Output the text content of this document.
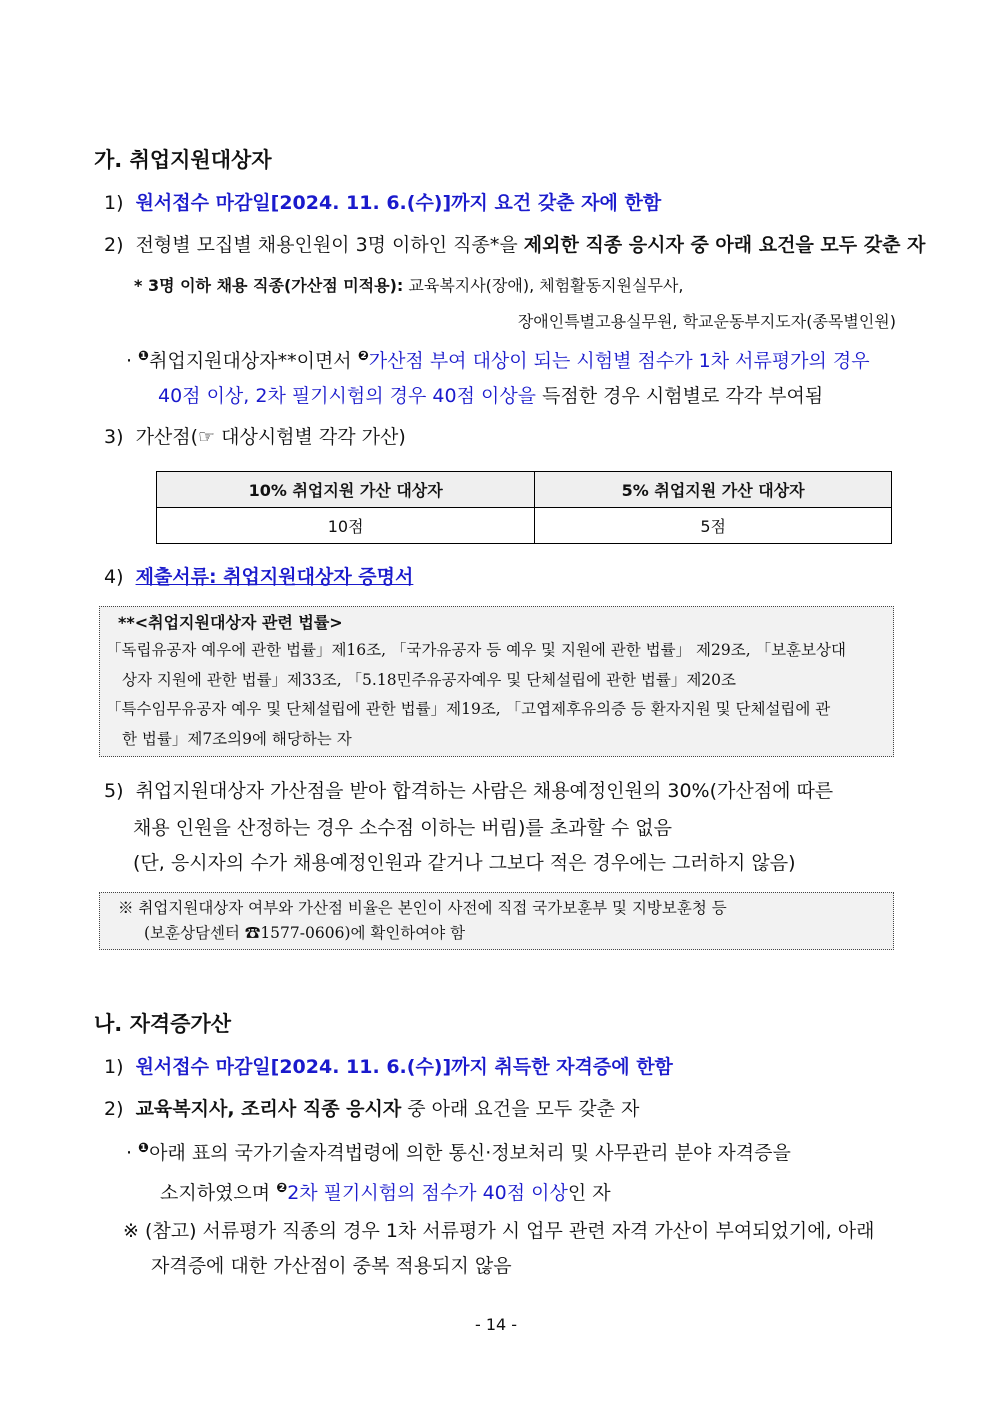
가. 취업지원대상자
1) 원서접수 마감일[2024. 11. 6.(수)]까지 요건 갖춘 자에 한함
2) 전형별 모집별 채용인원이 3명 이하인 직종*을 제외한 직종 응시자 중 아래 요건을 모두 갖춘 자
* 3명 이하 채용 직종(가산점 미적용): 교육복지사(장애), 체험활동지원실무사,
장애인특별고용실무원, 학교운동부지도자(종목별인원)
· $^❶$취업지원대상자**이면서 $^❷$가산점 부여 대상이 되는 시험별 점수가 1차 서류평가의 경우
40점 이상, 2차 필기시험의 경우 40점 이상을 득점한 경우 시험별로 각각 부여됨
3) 가산점(☞ 대상시험별 각각 가산)
10% 취업지원 가산 대상자	5% 취업지원 가산 대상자
10점	5점
4) 제출서류: 취업지원대상자 증명서
**<취업지원대상자 관련 법률>
「독립유공자 예우에 관한 법률」제16조, 「국가유공자 등 예우 및 지원에 관한 법률」 제29조, 「보훈보상대
상자 지원에 관한 법률」제33조, 「5.18민주유공자예우 및 단체설립에 관한 법률」제20조
「특수임무유공자 예우 및 단체설립에 관한 법률」제19조, 「고엽제후유의증 등 환자지원 및 단체설립에 관
한 법률」제7조의9에 해당하는 자
5) 취업지원대상자 가산점을 받아 합격하는 사람은 채용예정인원의 30%(가산점에 따른
채용 인원을 산정하는 경우 소수점 이하는 버림)를 초과할 수 없음
(단, 응시자의 수가 채용예정인원과 같거나 그보다 적은 경우에는 그러하지 않음)
※ 취업지원대상자 여부와 가산점 비율은 본인이 사전에 직접 국가보훈부 및 지방보훈청 등
(보훈상담센터 ☎1577-0606)에 확인하여야 함
나. 자격증가산
1) 원서접수 마감일[2024. 11. 6.(수)]까지 취득한 자격증에 한함
2) 교육복지사, 조리사 직종 응시자 중 아래 요건을 모두 갖춘 자
· $^❶$아래 표의 국가기술자격법령에 의한 통신·정보처리 및 사무관리 분야 자격증을
소지하였으며 $^❷$2차 필기시험의 점수가 40점 이상인 자
※ (참고) 서류평가 직종의 경우 1차 서류평가 시 업무 관련 자격 가산이 부여되었기에, 아래
자격증에 대한 가산점이 중복 적용되지 않음
- 14 -
